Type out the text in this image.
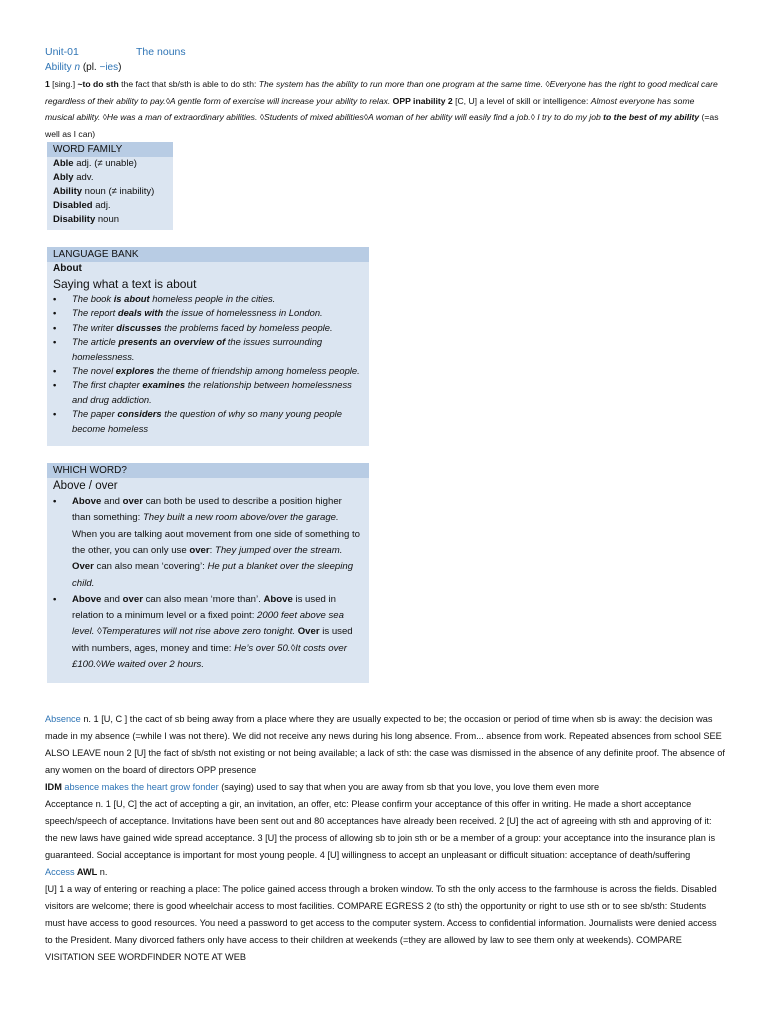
Unit-01	The nouns
Ability n (pl. −ies)

1 [sing.] ~to do sth the fact that sb/sth is able to do sth: The system has the ability to run more than one program at the same time. ◊Everyone has the right to good medical care regardless of their ability to pay.◊A gentle form of exercise will increase your ability to relax. OPP inability 2 [C, U] a level of skill or intelligence: Almost everyone has some musical ability. ◊He was a man of extraordinary abilities. ◊Students of mixed abilities◊A woman of her ability will easily find a job.◊ I try to do my job to the best of my ability (=as well as I can)

WORD FAMILY
Able adj. (≠ unable)
Ably adv.
Ability noun (≠ inability)
Disabled adj.
Disability noun
LANGUAGE BANK
About
Saying what a text is about
• The book is about homeless people in the cities.
• The report deals with the issue of homelessness in London.
• The writer discusses the problems faced by homeless people.
• The article presents an overview of the issues surrounding homelessness.
• The novel explores the theme of friendship among homeless people.
• The first chapter examines the relationship between homelessness and drug addiction.
• The paper considers the question of why so many young people become homeless
WHICH WORD?
Above / over
• Above and over can both be used to describe a position higher than something: They built a new room above/over the garage. When you are talking aout movement from one side of something to the other, you can only use over: They jumped over the stream. Over can also mean ‘covering’: He put a blanket over the sleeping child.
• Above and over can also mean ‘more than’. Above is used in relation to a minimum level or a fixed point: 2000 feet above sea level. ◊Temperatures will not rise above zero tonight. Over is used with numbers, ages, money and time: He’s over 50.◊It costs over £100.◊We waited over 2 hours.

Absence n. 1 [U, C ] the cact of sb being away from a place where they are usually expected to be; the occasion or period of time when sb is away: the decision was made in my absence (=while I was not there). We did not receive any news during his long absence. From... absence from work. Repeated absences from school SEE ALSO LEAVE noun 2 [U] the fact of sb/sth not existing or not being available; a lack of sth: the case was dismissed in the absence of any definite proof. The absence of any women on the board of directors OPP presence

IDM absence makes the heart grow fonder (saying) used to say that when you are away from sb that you love, you love them even more

Acceptance n. 1 [U, C] the act of accepting a gir, an invitation, an offer, etc: Please confirm your acceptance of this offer in writing. He made a short acceptance speech/speech of acceptance. Invitations have been sent out and 80 acceptances have already been received. 2 [U] the act of agreeing with sth and approving of it: the new laws have gained wide spread acceptance. 3 [U] the process of allowing sb to join sth or be a member of a group: your acceptance into the insurance plan is guaranteed. Social acceptance is important for most young people. 4 [U] willingness to accept an unpleasant or difficult situation: acceptance of death/suffering

Access AWL n.

[U] 1 a way of entering or reaching a place: The police gained access through a broken window. To sth the only access to the farmhouse is across the fields. Disabled visitors are welcome; there is good wheelchair access to most facilities. COMPARE EGRESS 2 (to sth) the opportunity or right to use sth or to see sb/sth: Students must have access to good resources. You need a password to get access to the computer system. Access to confidential information. Journalists were denied access to the President. Many divorced fathers only have access to their children at weekends (=they are allowed by law to see them only at weekends). COMPARE VISITATION SEE WORDFINDER NOTE AT WEB
